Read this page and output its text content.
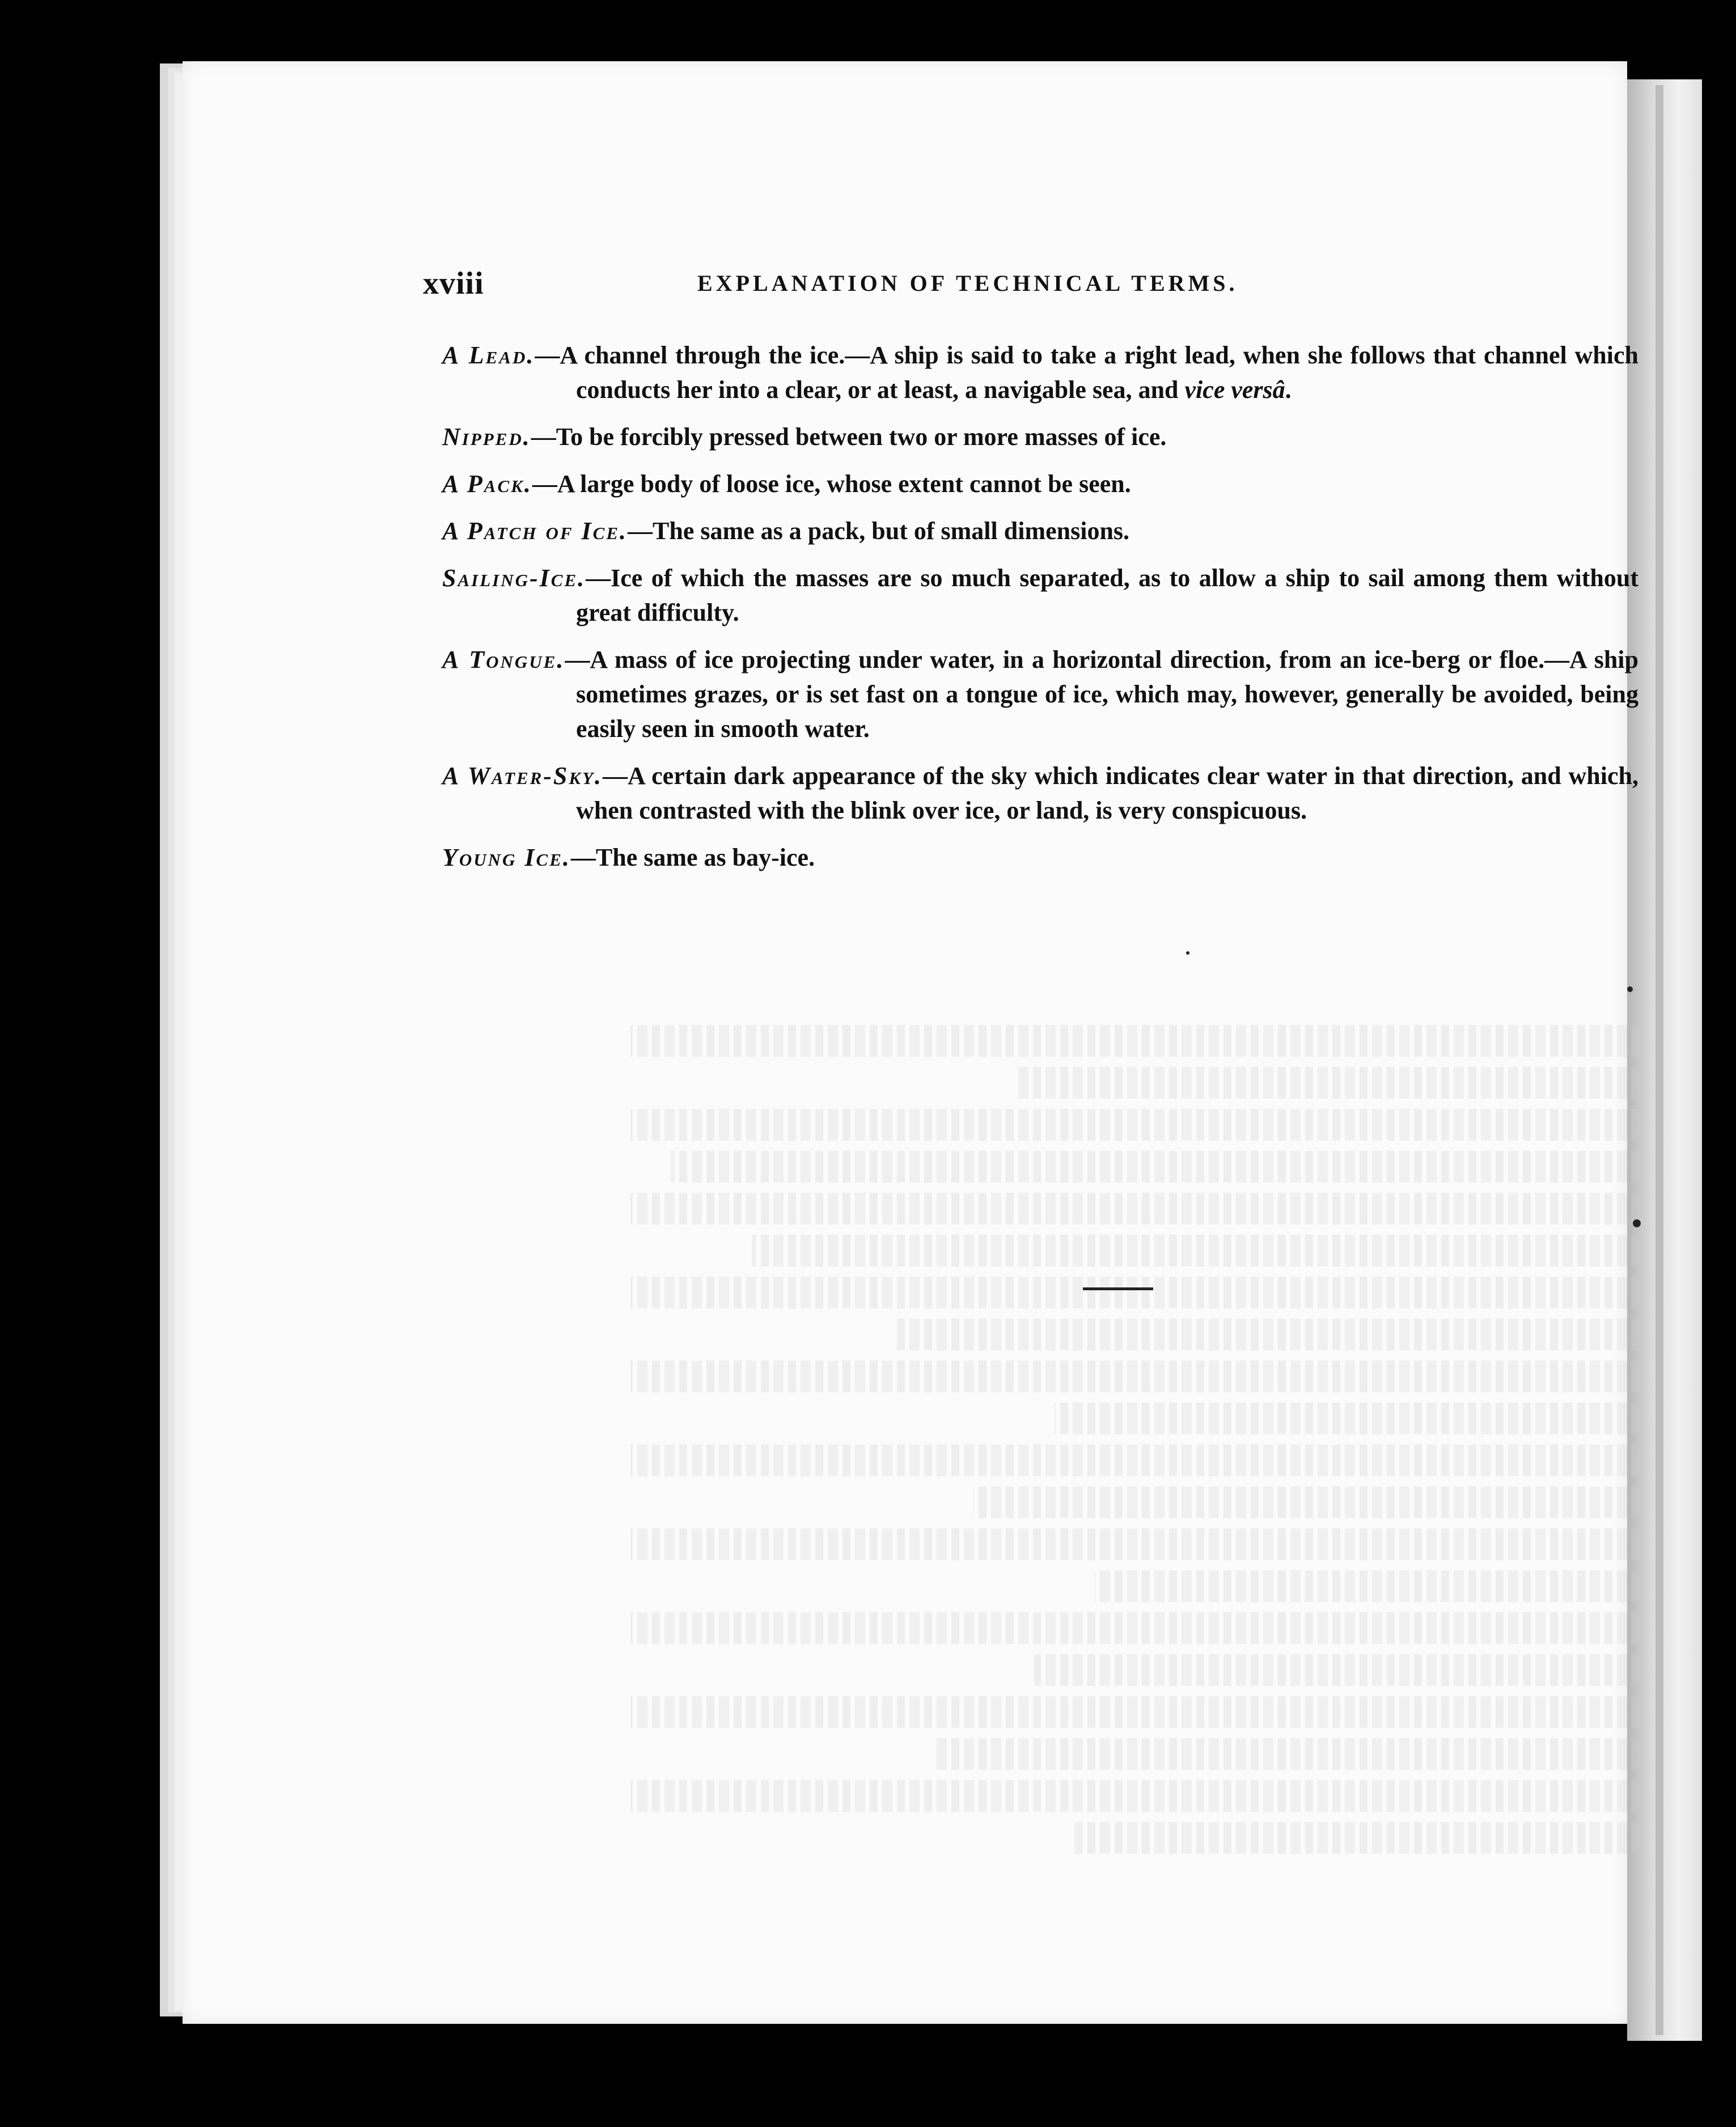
xviii	EXPLANATION OF TECHNICAL TERMS.

A Lead.—A channel through the ice.—A ship is said to take a right lead, when she follows that channel which conducts her into a clear, or at least, a navigable sea, and vice versâ.

Nipped.—To be forcibly pressed between two or more masses of ice.

A Pack.—A large body of loose ice, whose extent cannot be seen.

A Patch of Ice.—The same as a pack, but of small dimensions.

Sailing-Ice.—Ice of which the masses are so much separated, as to allow a ship to sail among them without great difficulty.

A Tongue.—A mass of ice projecting under water, in a horizontal direction, from an ice-berg or floe.—A ship sometimes grazes, or is set fast on a tongue of ice, which may, however, generally be avoided, being easily seen in smooth water.

A Water-Sky.—A certain dark appearance of the sky which indicates clear water in that direction, and which, when contrasted with the blink over ice, or land, is very conspicuous.

Young Ice.—The same as bay-ice.
